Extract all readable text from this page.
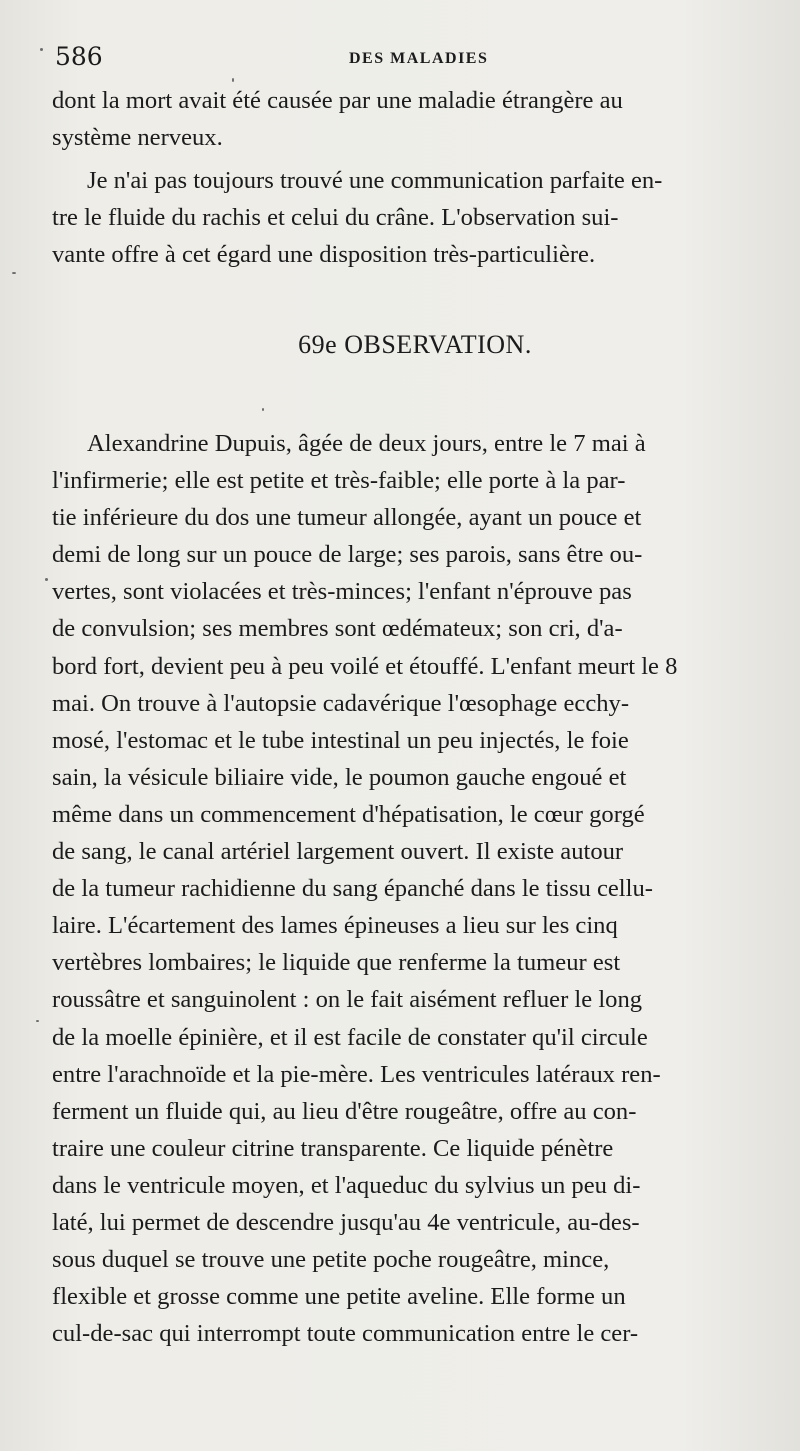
586	DES MALADIES
dont la mort avait été causée par une maladie étrangère au
système nerveux.
Je n'ai pas toujours trouvé une communication parfaite en-
tre le fluide du rachis et celui du crâne. L'observation sui-
vante offre à cet égard une disposition très-particulière.
69e OBSERVATION.
Alexandrine Dupuis, âgée de deux jours, entre le 7 mai à
l'infirmerie; elle est petite et très-faible; elle porte à la par-
tie inférieure du dos une tumeur allongée, ayant un pouce et
demi de long sur un pouce de large; ses parois, sans être ou-
vertes, sont violacées et très-minces; l'enfant n'éprouve pas
de convulsion; ses membres sont œdémateux; son cri, d'a-
bord fort, devient peu à peu voilé et étouffé. L'enfant meurt le 8
mai. On trouve à l'autopsie cadavérique l'œsophage ecchy-
mosé, l'estomac et le tube intestinal un peu injectés, le foie
sain, la vésicule biliaire vide, le poumon gauche engoué et
même dans un commencement d'hépatisation, le cœur gorgé
de sang, le canal artériel largement ouvert. Il existe autour
de la tumeur rachidienne du sang épanché dans le tissu cellu-
laire. L'écartement des lames épineuses a lieu sur les cinq
vertèbres lombaires; le liquide que renferme la tumeur est
roussâtre et sanguinolent : on le fait aisément refluer le long
de la moelle épinière, et il est facile de constater qu'il circule
entre l'arachnoïde et la pie-mère. Les ventricules latéraux ren-
ferment un fluide qui, au lieu d'être rougeâtre, offre au con-
traire une couleur citrine transparente. Ce liquide pénètre
dans le ventricule moyen, et l'aqueduc du sylvius un peu di-
laté, lui permet de descendre jusqu'au 4e ventricule, au-des-
sous duquel se trouve une petite poche rougeâtre, mince,
flexible et grosse comme une petite aveline. Elle forme un
cul-de-sac qui interrompt toute communication entre le cer-
